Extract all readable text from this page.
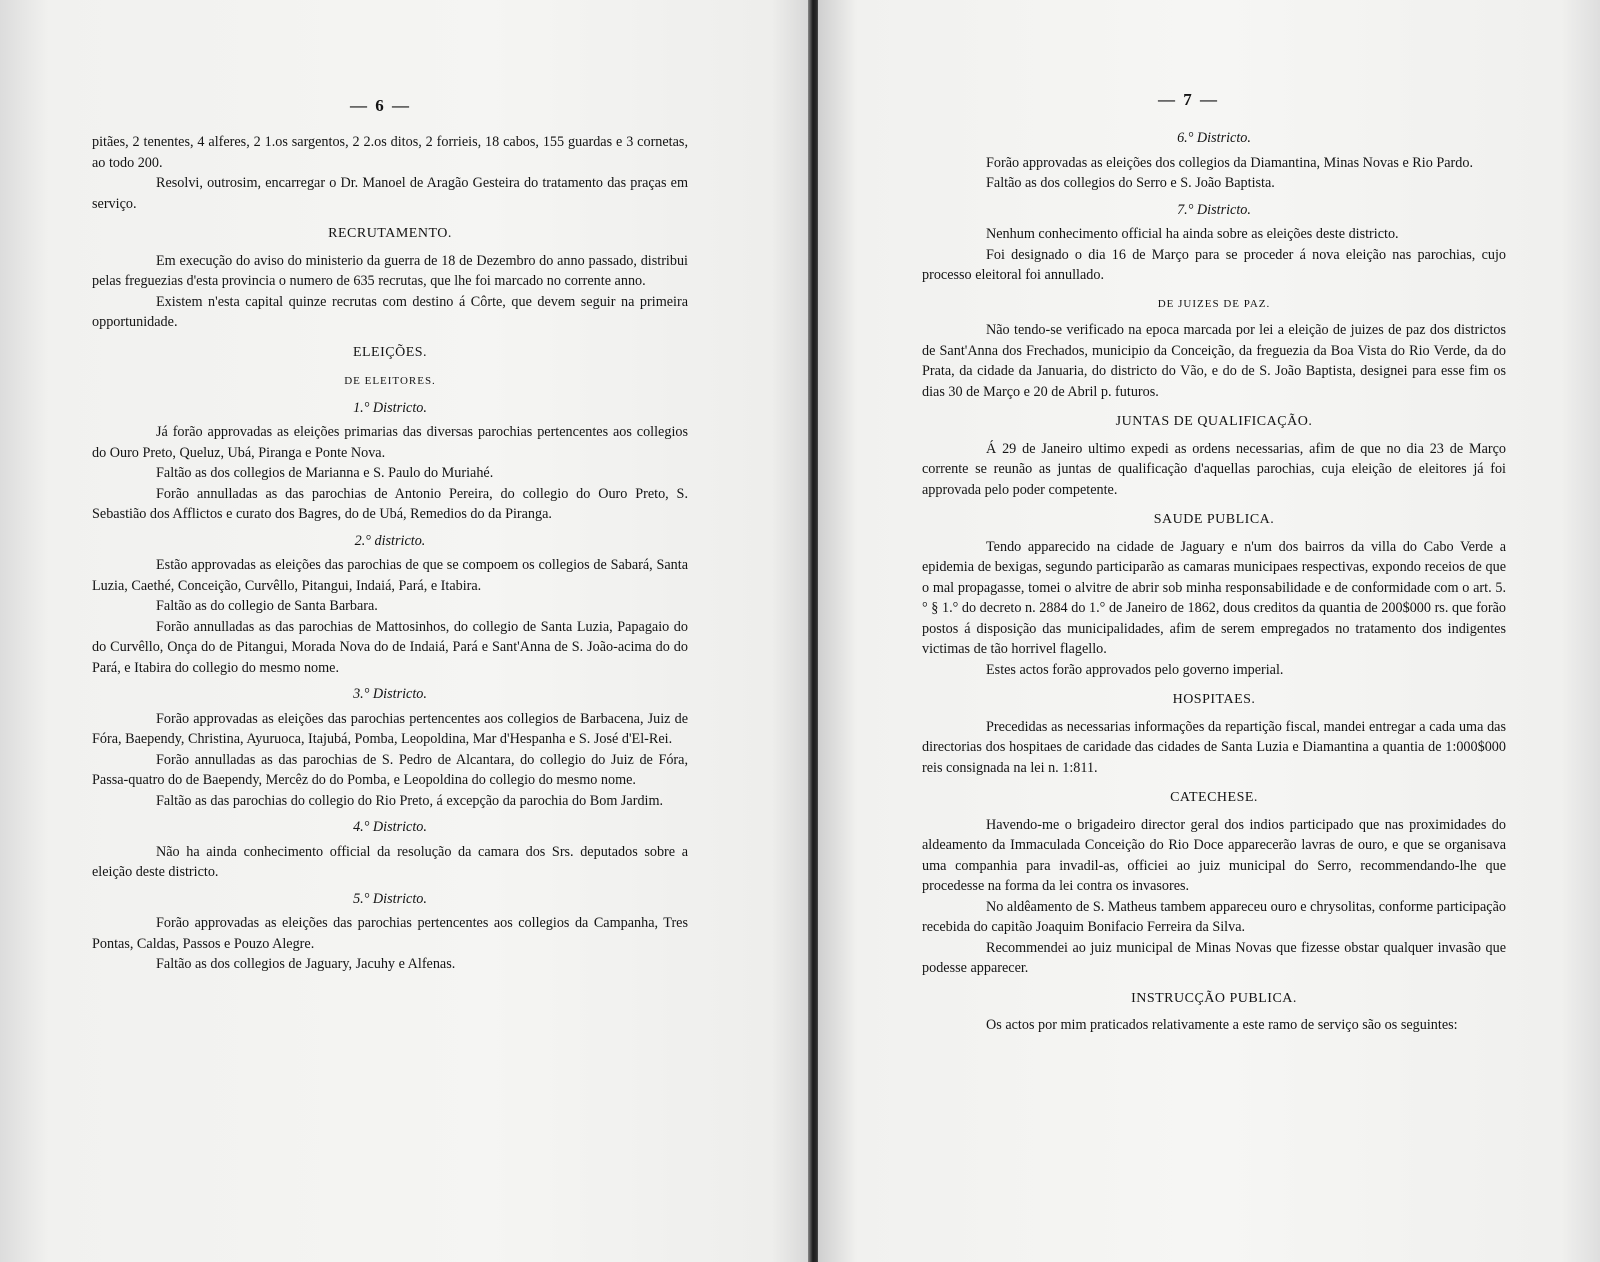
— 6 —

pitães, 2 tenentes, 4 alferes, 2 1.os sargentos, 2 2.os ditos, 2 forrieis, 18 cabos, 155 guardas e 3 cornetas, ao todo 200.

Resolvi, outrosim, encarregar o Dr. Manoel de Aragão Gesteira do tratamento das praças em serviço.

RECRUTAMENTO.

Em execução do aviso do ministerio da guerra de 18 de Dezembro do anno passado, distribui pelas freguezias d'esta provincia o numero de 635 recrutas, que lhe foi marcado no corrente anno.

Existem n'esta capital quinze recrutas com destino á Côrte, que devem seguir na primeira opportunidade.

ELEIÇÕES.
DE ELEITORES.
1.° Districto.

Já forão approvadas as eleições primarias das diversas parochias pertencentes aos collegios do Ouro Preto, Queluz, Ubá, Piranga e Ponte Nova.

Faltão as dos collegios de Marianna e S. Paulo do Muriahé.

Forão annulladas as das parochias de Antonio Pereira, do collegio do Ouro Preto, S. Sebastião dos Afflictos e curato dos Bagres, do de Ubá, Remedios do da Piranga.

2.° districto.

Estão approvadas as eleições das parochias de que se compoem os collegios de Sabará, Santa Luzia, Caethé, Conceição, Curvêllo, Pitangui, Indaiá, Pará, e Itabira.

Faltão as do collegio de Santa Barbara.

Forão annulladas as das parochias de Mattosinhos, do collegio de Santa Luzia, Papagaio do do Curvêllo, Onça do de Pitangui, Morada Nova do de Indaiá, Pará e Sant'Anna de S. João-acima do do Pará, e Itabira do collegio do mesmo nome.

3.° Districto.

Forão approvadas as eleições das parochias pertencentes aos collegios de Barbacena, Juiz de Fóra, Baependy, Christina, Ayuruoca, Itajubá, Pomba, Leopoldina, Mar d'Hespanha e S. José d'El-Rei.

Forão annulladas as das parochias de S. Pedro de Alcantara, do collegio do Juiz de Fóra, Passa-quatro do de Baependy, Mercêz do do Pomba, e Leopoldina do collegio do mesmo nome.

Faltão as das parochias do collegio do Rio Preto, á excepção da parochia do Bom Jardim.

4.° Districto.

Não ha ainda conhecimento official da resolução da camara dos Srs. deputados sobre a eleição deste districto.

5.° Districto.

Forão approvadas as eleições das parochias pertencentes aos collegios da Campanha, Tres Pontas, Caldas, Passos e Pouzo Alegre.

Faltão as dos collegios de Jaguary, Jacuhy e Alfenas.

— 7 —
6.° Districto.

Forão approvadas as eleições dos collegios da Diamantina, Minas Novas e Rio Pardo.

Faltão as dos collegios do Serro e S. João Baptista.

7.° Districto.

Nenhum conhecimento official ha ainda sobre as eleições deste districto.

Foi designado o dia 16 de Março para se proceder á nova eleição nas parochias, cujo processo eleitoral foi annullado.

DE JUIZES DE PAZ.

Não tendo-se verificado na epoca marcada por lei a eleição de juizes de paz dos districtos de Sant'Anna dos Frechados, municipio da Conceição, da freguezia da Boa Vista do Rio Verde, da do Prata, da cidade da Januaria, do districto do Vão, e do de S. João Baptista, designei para esse fim os dias 30 de Março e 20 de Abril p. futuros.

JUNTAS DE QUALIFICAÇÃO.

Á 29 de Janeiro ultimo expedi as ordens necessarias, afim de que no dia 23 de Março corrente se reunão as juntas de qualificação d'aquellas parochias, cuja eleição de eleitores já foi approvada pelo poder competente.

SAUDE PUBLICA.

Tendo apparecido na cidade de Jaguary e n'um dos bairros da villa do Cabo Verde a epidemia de bexigas, segundo participarão as camaras municipaes respectivas, expondo receios de que o mal propagasse, tomei o alvitre de abrir sob minha responsabilidade e de conformidade com o art. 5.° § 1.° do decreto n. 2884 do 1.° de Janeiro de 1862, dous creditos da quantia de 200$000 rs. que forão postos á disposição das municipalidades, afim de serem empregados no tratamento dos indigentes victimas de tão horrivel flagello.

Estes actos forão approvados pelo governo imperial.

HOSPITAES.

Precedidas as necessarias informações da repartição fiscal, mandei entregar a cada uma das directorias dos hospitaes de caridade das cidades de Santa Luzia e Diamantina a quantia de 1:000$000 reis consignada na lei n. 1:811.

CATECHESE.

Havendo-me o brigadeiro director geral dos indios participado que nas proximidades do aldeamento da Immaculada Conceição do Rio Doce apparecerão lavras de ouro, e que se organisava uma companhia para invadil-as, officiei ao juiz municipal do Serro, recommendando-lhe que procedesse na forma da lei contra os invasores.

No aldêamento de S. Matheus tambem appareceu ouro e chrysolitas, conforme participação recebida do capitão Joaquim Bonifacio Ferreira da Silva.

Recommendei ao juiz municipal de Minas Novas que fizesse obstar qualquer invasão que podesse apparecer.

INSTRUCÇÃO PUBLICA.

Os actos por mim praticados relativamente a este ramo de serviço são os seguintes:
